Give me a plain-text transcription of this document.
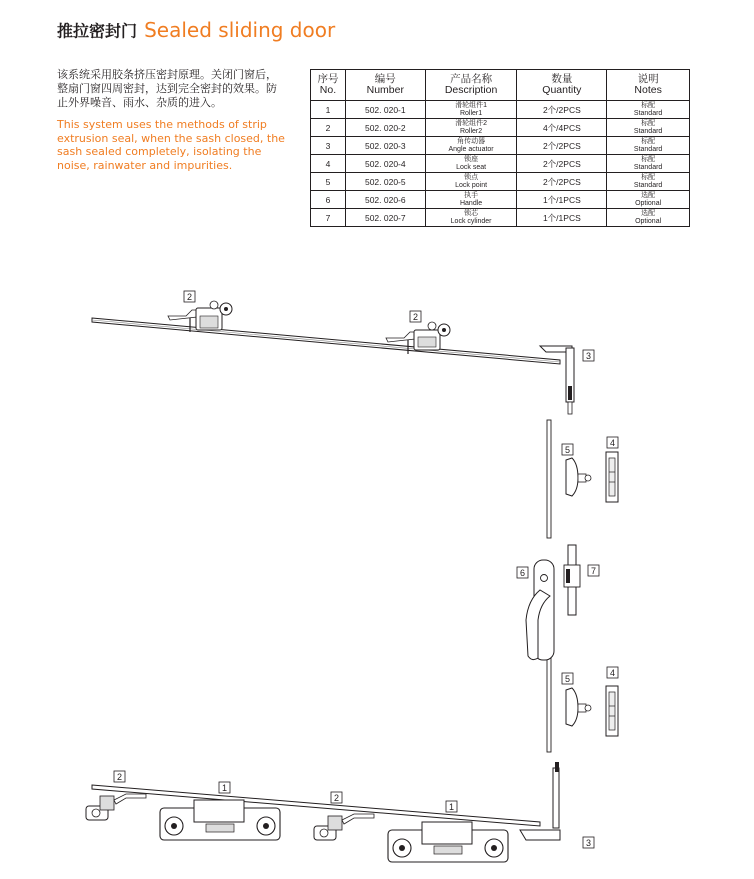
推拉密封门 Sealed sliding door
该系统采用胶条挤压密封原理。关闭门窗后，整扇门窗四周密封，达到完全密封的效果。防止外界噪音、雨水、杂质的进入。
This system uses the methods of strip extrusion seal, when the sash closed, the sash sealed completely, isolating the noise, rainwater and impurities.
序号
No.	编号
Number	产品名称
Description	数量
Quantity	说明
Notes

1	502. 020-1	滑轮组件1
Roller1	2个/2PCS	标配
Standard

2	502. 020-2	滑轮组件2
Roller2	4个/4PCS	标配
Standard

3	502. 020-3	角传动器
Angle actuator	2个/2PCS	标配
Standard

4	502. 020-4	锁座
Lock seat	2个/2PCS	标配
Standard

5	502. 020-5	锁点
Lock point	2个/2PCS	标配
Standard

6	502. 020-6	执手
Handle	1个/1PCS	选配
Optional

7	502. 020-7	锁芯
Lock cylinder	1个/1PCS	选配
Optional
2
2
3
5
4
6	7
5
4
2
1
2
1
3
